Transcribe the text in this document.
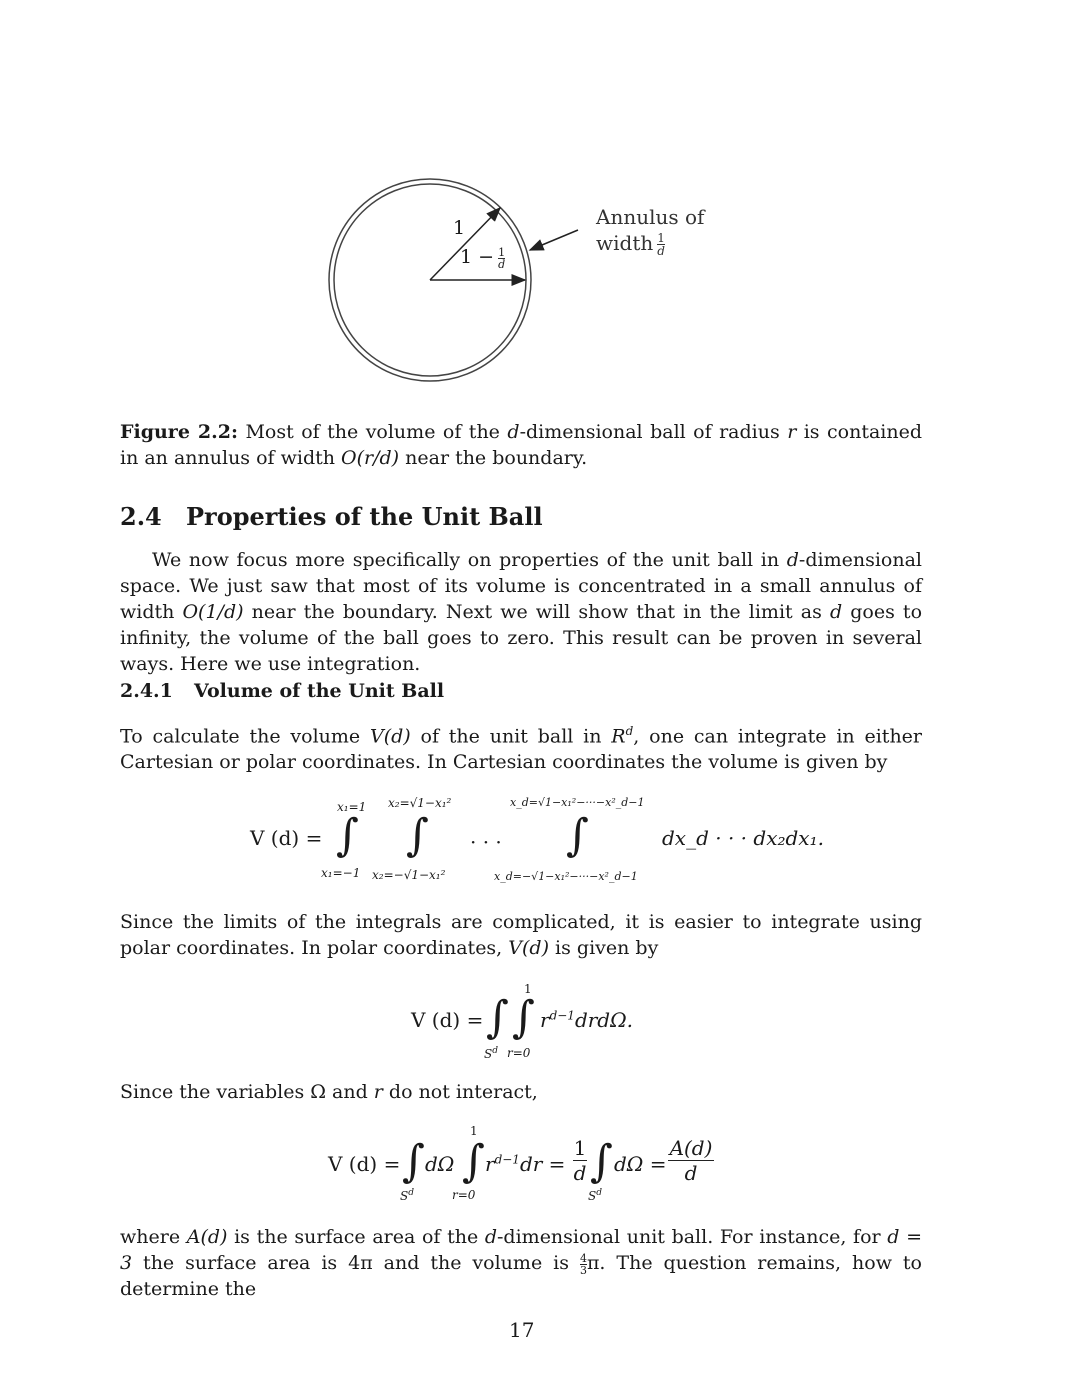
1
$1 - \frac{1}{d}$
Annulus of
width $\frac{1}{d}$
Figure 2.2: Most of the volume of the d-dimensional ball of radius r is contained in an annulus of width O(r/d) near the boundary.
2.4 Properties of the Unit Ball
We now focus more specifically on properties of the unit ball in d-dimensional space. We just saw that most of its volume is concentrated in a small annulus of width O(1/d) near the boundary. Next we will show that in the limit as d goes to infinity, the volume of the ball goes to zero. This result can be proven in several ways. Here we use integration.
2.4.1 Volume of the Unit Ball
To calculate the volume V(d) of the unit ball in $R^d$, one can integrate in either Cartesian or polar coordinates. In Cartesian coordinates the volume is given by
V (d) = ∫
x₁=1
x₁=−1
∫
x₂=√1−x₁²
x₂=−√1−x₁²
· · · ∫
x_d=√1−x₁²−···−x²_d−1
x_d=−√1−x₁²−···−x²_d−1
dx_d · · · dx₂dx₁.
Since the limits of the integrals are complicated, it is easier to integrate using polar coordinates. In polar coordinates, V(d) is given by
V (d) = ∫
$S^d$
∫
1
r=0
$r^{d-1}drd\Omega$.
Since the variables Ω and r do not interact,
V (d) = ∫
$S^d$
dΩ ∫
1
r=0
$r^{d-1}dr$ =
1
d ∫
$S^d$
dΩ =
A(d)
d
where A(d) is the surface area of the d-dimensional unit ball. For instance, for d = 3 the surface area is 4π and the volume is $\frac{4}{3} \pi$. The question remains, how to determine the
17
